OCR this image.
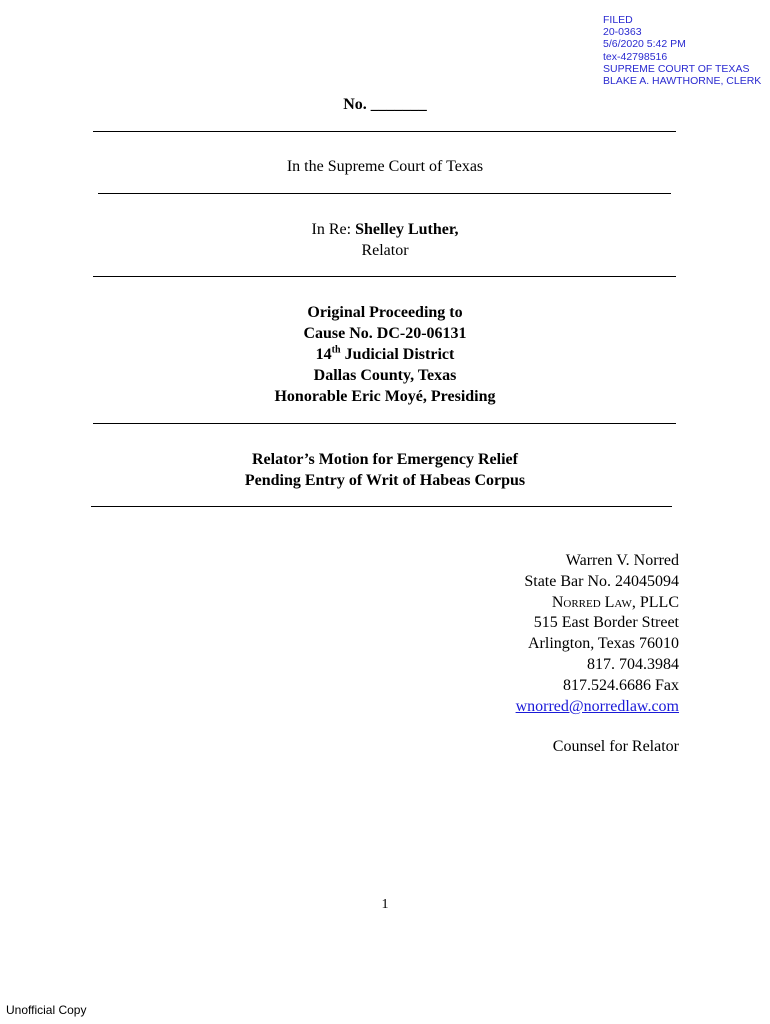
FILED
20-0363
5/6/2020 5:42 PM
tex-42798516
SUPREME COURT OF TEXAS
BLAKE A. HAWTHORNE, CLERK
No. _______
In the Supreme Court of Texas
In Re: Shelley Luther,
Relator
Original Proceeding to
Cause No. DC-20-06131
14th Judicial District
Dallas County, Texas
Honorable Eric Moyé, Presiding
Relator’s Motion for Emergency Relief
Pending Entry of Writ of Habeas Corpus
Warren V. Norred
State Bar No. 24045094
Norred Law, PLLC
515 East Border Street
Arlington, Texas 76010
817. 704.3984
817.524.6686 Fax
wnorred@norredlaw.com
Counsel for Relator
1
Unofficial Copy
